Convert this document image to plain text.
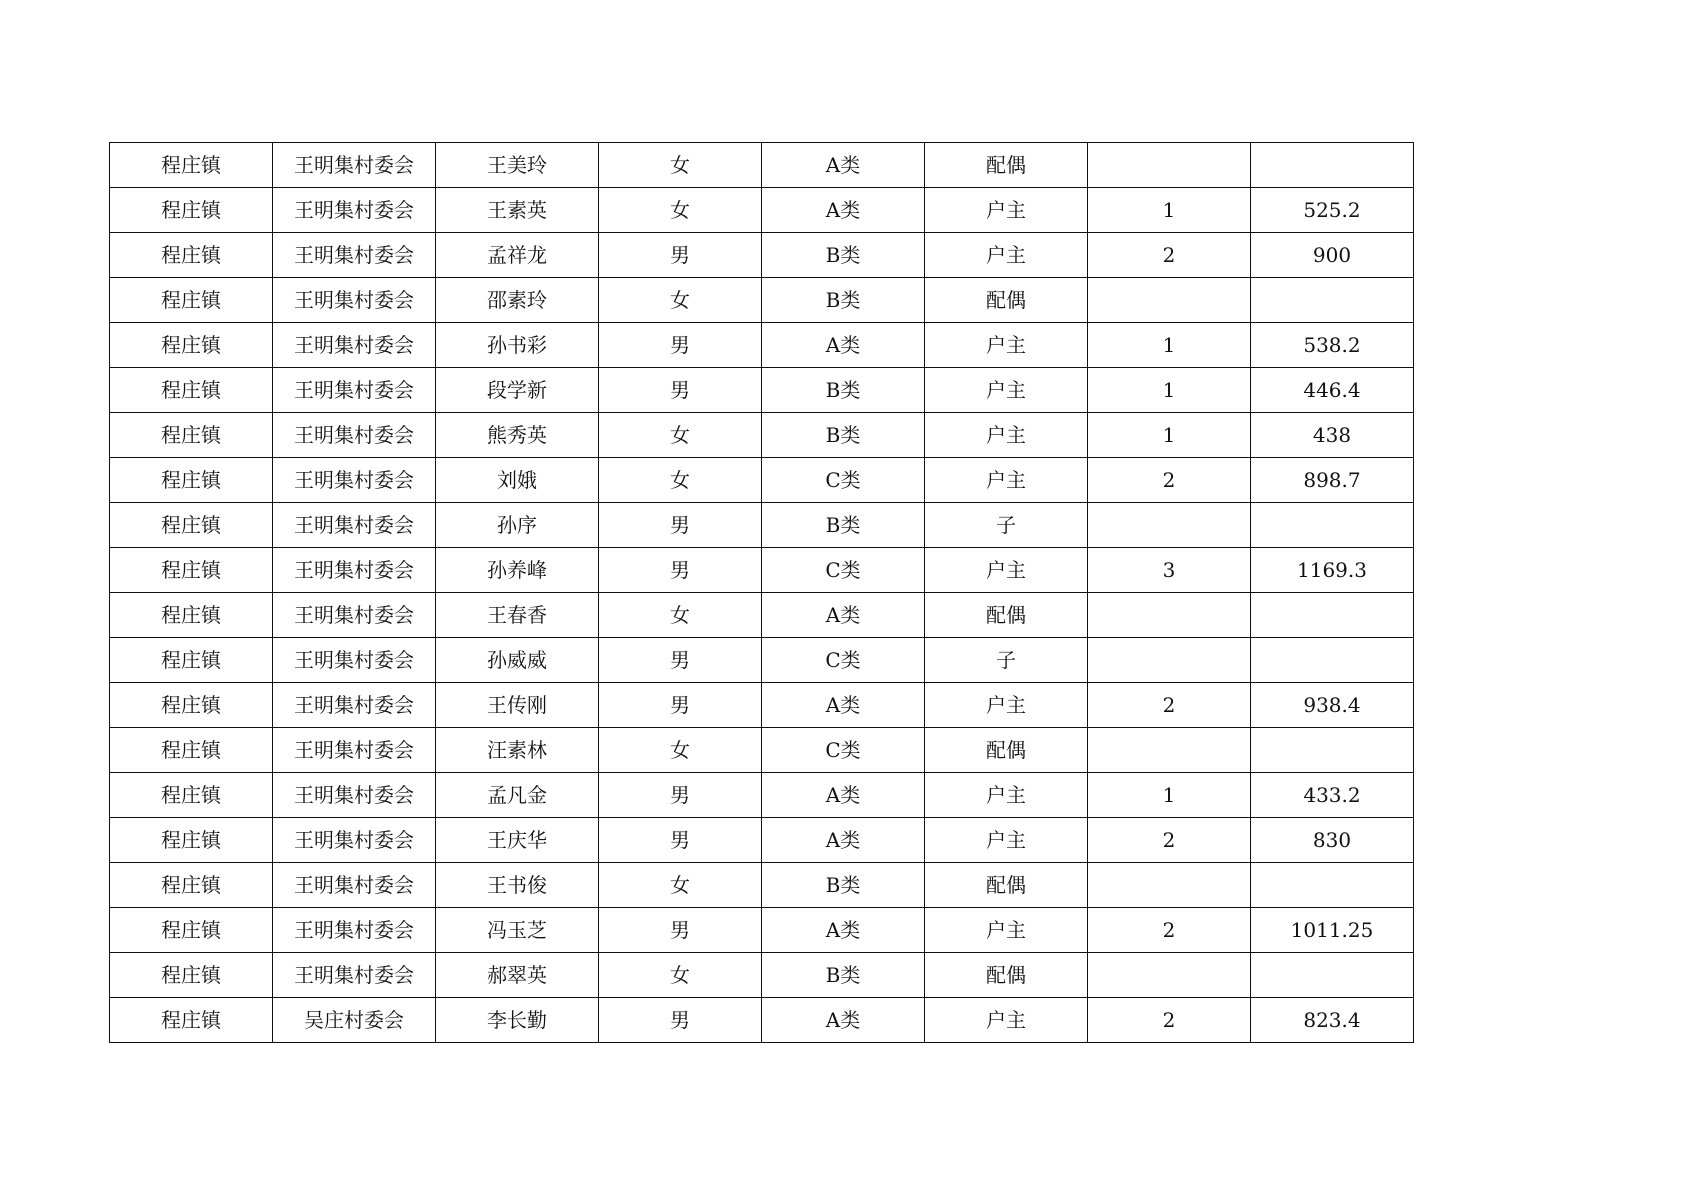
程庄镇	王明集村委会	王美玲	女	A类	配偶		
程庄镇	王明集村委会	王素英	女	A类	户主	1	525.2
程庄镇	王明集村委会	孟祥龙	男	B类	户主	2	900
程庄镇	王明集村委会	邵素玲	女	B类	配偶		
程庄镇	王明集村委会	孙书彩	男	A类	户主	1	538.2
程庄镇	王明集村委会	段学新	男	B类	户主	1	446.4
程庄镇	王明集村委会	熊秀英	女	B类	户主	1	438
程庄镇	王明集村委会	刘娥	女	C类	户主	2	898.7
程庄镇	王明集村委会	孙序	男	B类	子		
程庄镇	王明集村委会	孙养峰	男	C类	户主	3	1169.3
程庄镇	王明集村委会	王春香	女	A类	配偶		
程庄镇	王明集村委会	孙威威	男	C类	子		
程庄镇	王明集村委会	王传刚	男	A类	户主	2	938.4
程庄镇	王明集村委会	汪素林	女	C类	配偶		
程庄镇	王明集村委会	孟凡金	男	A类	户主	1	433.2
程庄镇	王明集村委会	王庆华	男	A类	户主	2	830
程庄镇	王明集村委会	王书俊	女	B类	配偶		
程庄镇	王明集村委会	冯玉芝	男	A类	户主	2	1011.25
程庄镇	王明集村委会	郝翠英	女	B类	配偶		
程庄镇	吴庄村委会	李长勤	男	A类	户主	2	823.4
